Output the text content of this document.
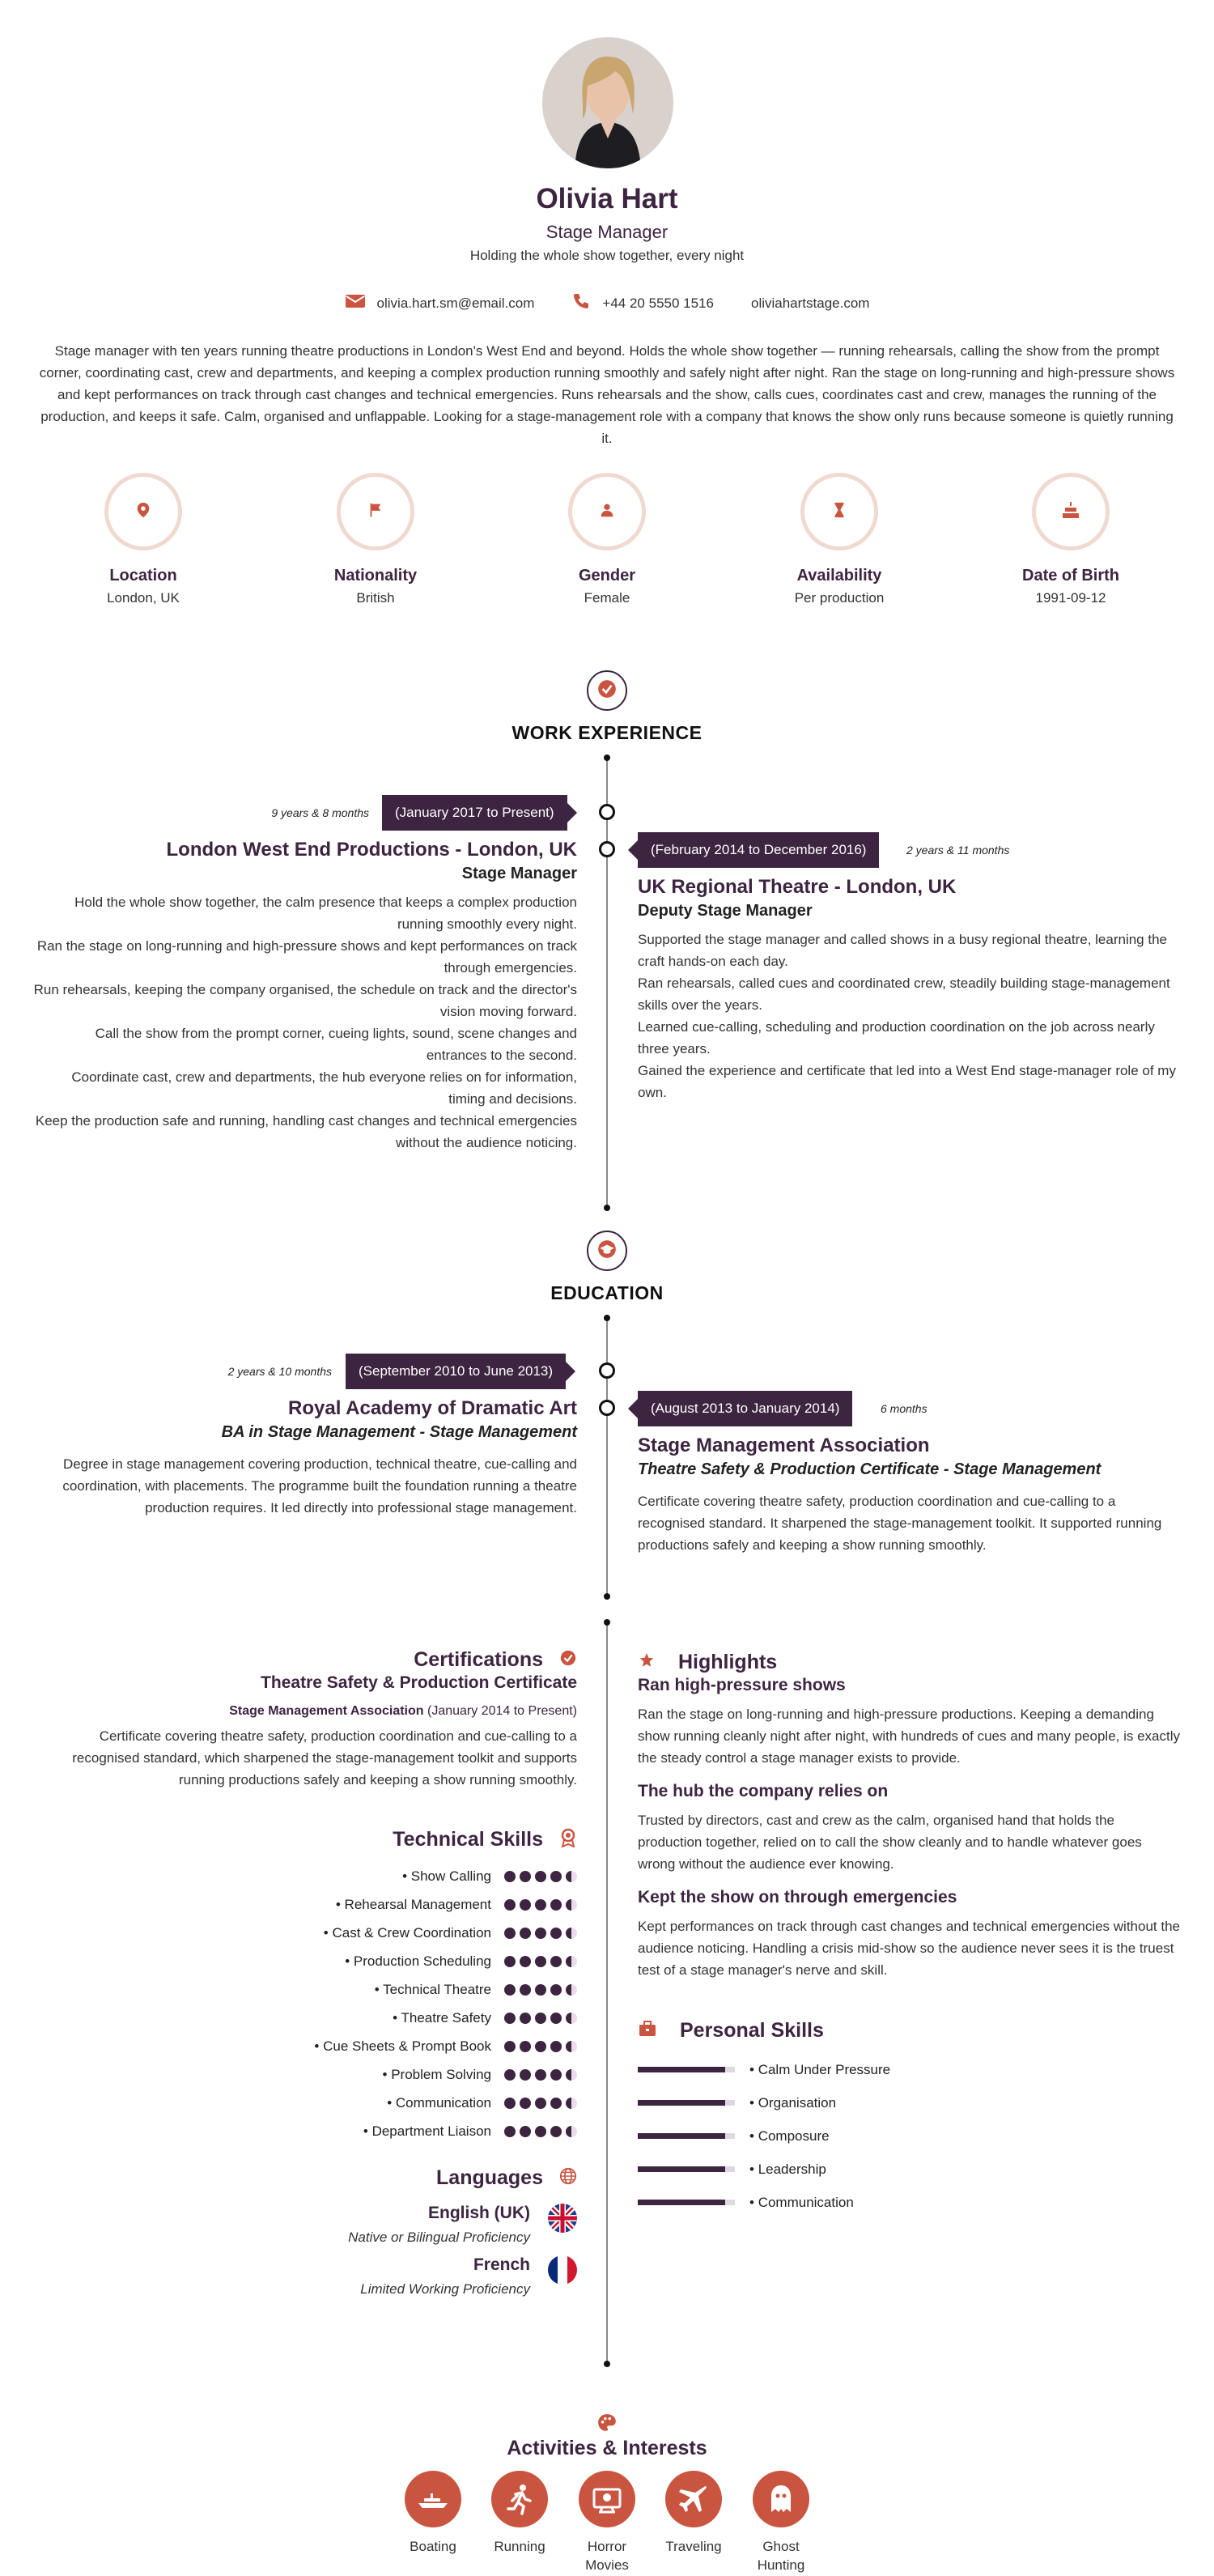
Olivia Hart
Stage Manager
Holding the whole show together, every night
olivia.hart.sm@email.com	+44 20 5550 1516	oliviahartstage.com
Stage manager with ten years running theatre productions in London's West End and beyond. Holds the whole show together — running rehearsals, calling the show from the prompt corner, coordinating cast, crew and departments, and keeping a complex production running smoothly and safely night after night. Ran the stage on long-running and high-pressure shows and kept performances on track through cast changes and technical emergencies. Runs rehearsals and the show, calls cues, coordinates cast and crew, manages the running of the production, and keeps it safe. Calm, organised and unflappable. Looking for a stage-management role with a company that knows the show only runs because someone is quietly running it.
Location
London, UK
Nationality
British
Gender
Female
Availability
Per production
Date of Birth
1991-09-12
WORK EXPERIENCE
(January 2017 to Present)
9 years & 8 months
London West End Productions - London, UK
Stage Manager
Hold the whole show together, the calm presence that keeps a complex production running smoothly every night.
Ran the stage on long-running and high-pressure shows and kept performances on track through emergencies.
Run rehearsals, keeping the company organised, the schedule on track and the director's vision moving forward.
Call the show from the prompt corner, cueing lights, sound, scene changes and entrances to the second.
Coordinate cast, crew and departments, the hub everyone relies on for information, timing and decisions.
Keep the production safe and running, handling cast changes and technical emergencies without the audience noticing.
(February 2014 to December 2016)	2 years & 11 months
UK Regional Theatre - London, UK
Deputy Stage Manager
Supported the stage manager and called shows in a busy regional theatre, learning the craft hands-on each day.
Ran rehearsals, called cues and coordinated crew, steadily building stage-management skills over the years.
Learned cue-calling, scheduling and production coordination on the job across nearly three years.
Gained the experience and certificate that led into a West End stage-manager role of my own.
EDUCATION
(September 2010 to June 2013)
2 years & 10 months
Royal Academy of Dramatic Art
BA in Stage Management - Stage Management
Degree in stage management covering production, technical theatre, cue-calling and coordination, with placements. The programme built the foundation running a theatre production requires. It led directly into professional stage management.
(August 2013 to January 2014)	6 months
Stage Management Association
Theatre Safety & Production Certificate - Stage Management
Certificate covering theatre safety, production coordination and cue-calling to a recognised standard. It sharpened the stage-management toolkit. It supported running productions safely and keeping a show running smoothly.
Certifications
Theatre Safety & Production Certificate
Stage Management Association (January 2014 to Present)
Certificate covering theatre safety, production coordination and cue-calling to a recognised standard, which sharpened the stage-management toolkit and supports running productions safely and keeping a show running smoothly.
Technical Skills
• Show Calling
• Rehearsal Management
• Cast & Crew Coordination
• Production Scheduling
• Technical Theatre
• Theatre Safety
• Cue Sheets & Prompt Book
• Problem Solving
• Communication
• Department Liaison
Languages
English (UK)
Native or Bilingual Proficiency
French
Limited Working Proficiency
Highlights
Ran high-pressure shows
Ran the stage on long-running and high-pressure productions. Keeping a demanding show running cleanly night after night, with hundreds of cues and many people, is exactly the steady control a stage manager exists to provide.
The hub the company relies on
Trusted by directors, cast and crew as the calm, organised hand that holds the production together, relied on to call the show cleanly and to handle whatever goes wrong without the audience ever knowing.
Kept the show on through emergencies
Kept performances on track through cast changes and technical emergencies without the audience noticing. Handling a crisis mid-show so the audience never sees it is the truest test of a stage manager's nerve and skill.
Personal Skills
• Calm Under Pressure
• Organisation
• Composure
• Leadership
• Communication
Activities & Interests
Boating	Running	Horror Movies
Traveling	Ghost Hunting
